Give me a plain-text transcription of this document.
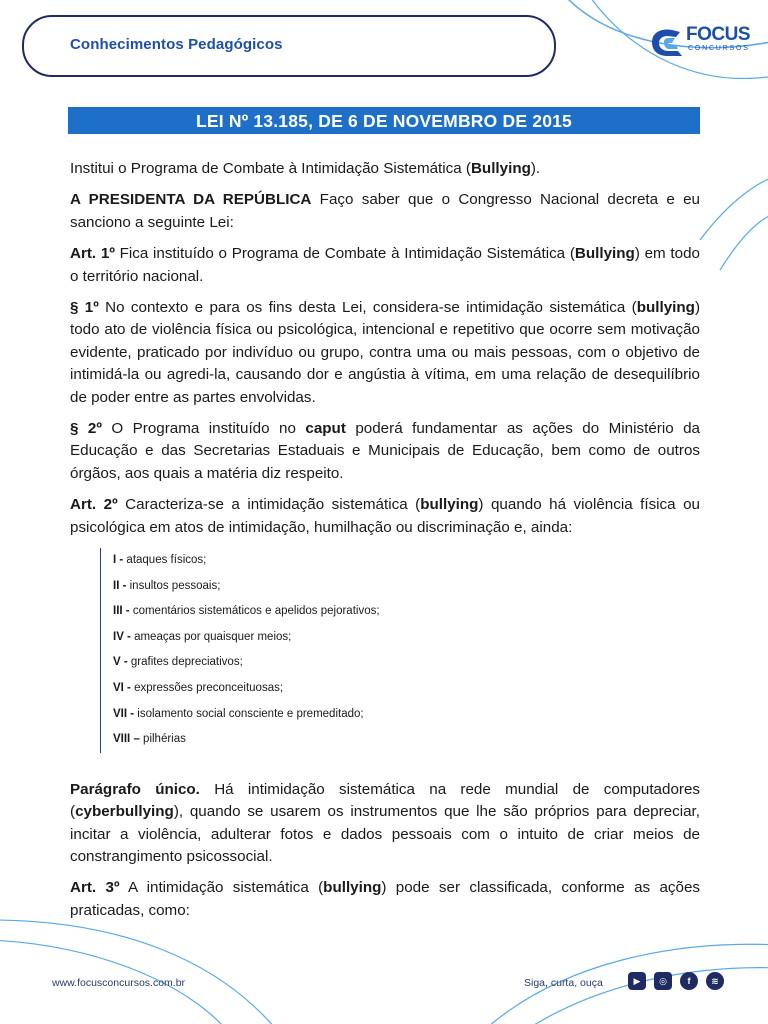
Conhecimentos Pedagógicos	FOCUS
CONCURSOS
LEI Nº 13.185, DE 6 DE NOVEMBRO DE 2015

Institui o Programa de Combate à Intimidação Sistemática (Bullying).

A PRESIDENTA DA REPÚBLICA Faço saber que o Congresso Nacional decreta e eu sanciono a seguinte Lei:

Art. 1º Fica instituído o Programa de Combate à Intimidação Sistemática (Bullying) em todo o território nacional.

§ 1º No contexto e para os fins desta Lei, considera-se intimidação sistemática (bullying) todo ato de violência física ou psicológica, intencional e repetitivo que ocorre sem motivação evidente, praticado por indivíduo ou grupo, contra uma ou mais pessoas, com o objetivo de intimidá-la ou agredi-la, causando dor e angústia à vítima, em uma relação de desequilíbrio de poder entre as partes envolvidas.

§ 2º O Programa instituído no caput poderá fundamentar as ações do Ministério da Educação e das Secretarias Estaduais e Municipais de Educação, bem como de outros órgãos, aos quais a matéria diz respeito.

Art. 2º Caracteriza-se a intimidação sistemática (bullying) quando há violência física ou psicológica em atos de intimidação, humilhação ou discriminação e, ainda:

I - ataques físicos;
II - insultos pessoais;
III - comentários sistemáticos e apelidos pejorativos;
IV - ameaças por quaisquer meios;
V - grafites depreciativos;
VI - expressões preconceituosas;
VII - isolamento social consciente e premeditado;
VIII – pilhérias

Parágrafo único. Há intimidação sistemática na rede mundial de computadores (cyberbullying), quando se usarem os instrumentos que lhe são próprios para depreciar, incitar a violência, adulterar fotos e dados pessoais com o intuito de criar meios de constrangimento psicossocial.

Art. 3º A intimidação sistemática (bullying) pode ser classificada, conforme as ações praticadas, como:

www.focusconcursos.com.br	Siga, curta, ouça	▶	◎	f	≋
